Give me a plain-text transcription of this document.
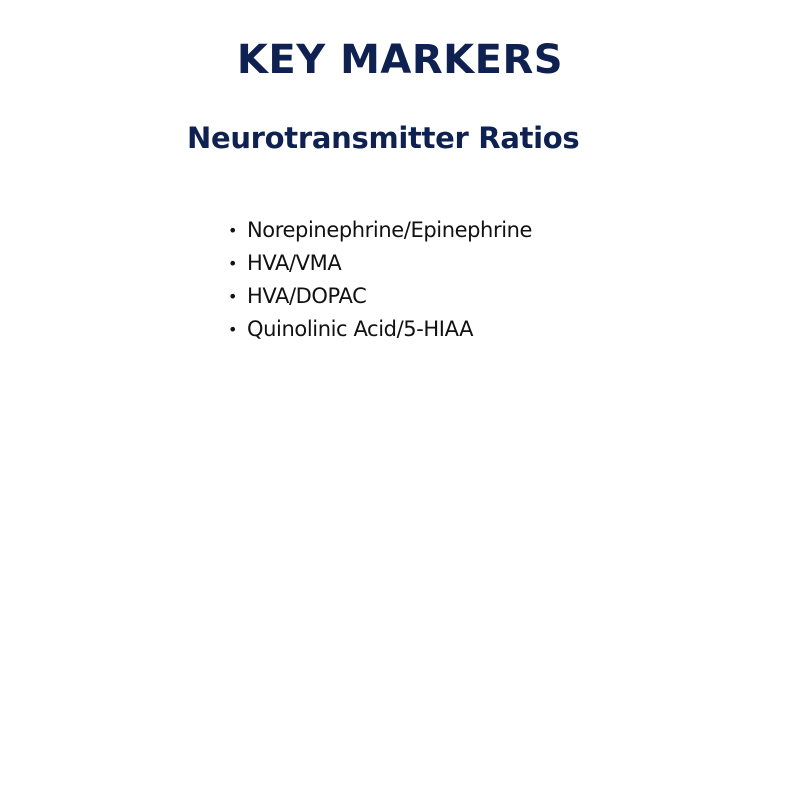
KEY MARKERS
Neurotransmitter Ratios
• Norepinephrine/Epinephrine
• HVA/VMA
• HVA/DOPAC
• Quinolinic Acid/5-HIAA
